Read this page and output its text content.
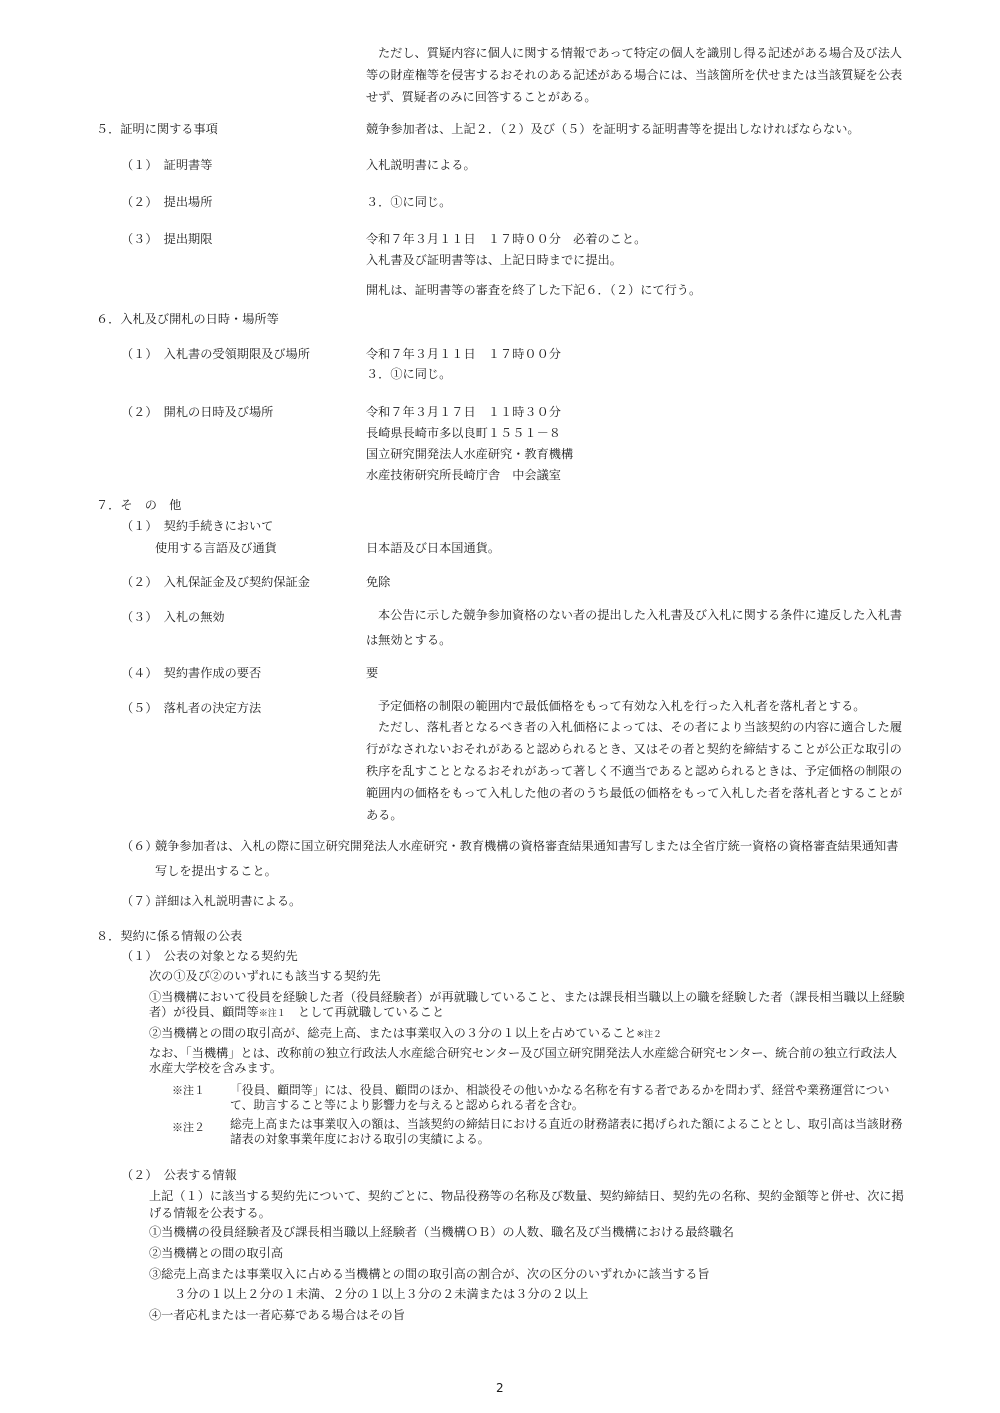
ただし、質疑内容に個人に関する情報であって特定の個人を識別し得る記述がある場合及び法人等の財産権等を侵害するおそれのある記述がある場合には、当該箇所を伏せまたは当該質疑を公表せず、質疑者のみに回答することがある。
５．証明に関する事項	競争参加者は、上記２．（２）及び（５）を証明する証明書等を提出しなければならない。
（１）　証明書等	入札説明書による。
（２）　提出場所	３．①に同じ。
（３）　提出期限	令和７年３月１１日　１７時００分　必着のこと。
入札書及び証明書等は、上記日時までに提出。
開札は、証明書等の審査を終了した下記６．（２）にて行う。
６．入札及び開札の日時・場所等
（１）　入札書の受領期限及び場所	令和７年３月１１日　１７時００分
３．①に同じ。
（２）　開札の日時及び場所	令和７年３月１７日　１１時３０分
長崎県長崎市多以良町１５５１－８
国立研究開発法人水産研究・教育機構
水産技術研究所長崎庁舎　中会議室
７．そ　の　他
（１）　契約手続きにおいて
使用する言語及び通貨	日本語及び日本国通貨。
（２）　入札保証金及び契約保証金	免除
（３）　入札の無効	本公告に示した競争参加資格のない者の提出した入札書及び入札に関する条件に違反した入札書は無効とする。
（４）　契約書作成の要否	要
（５）　落札者の決定方法	予定価格の制限の範囲内で最低価格をもって有効な入札を行った入札者を落札者とする。
ただし、落札者となるべき者の入札価格によっては、その者により当該契約の内容に適合した履行がなされないおそれがあると認められるとき、又はその者と契約を締結することが公正な取引の秩序を乱すこととなるおそれがあって著しく不適当であると認められるときは、予定価格の制限の範囲内の価格をもって入札した他の者のうち最低の価格をもって入札した者を落札者とすることがある。
（６）
競争参加者は、入札の際に国立研究開発法人水産研究・教育機構の資格審査結果通知書写しまたは全省庁統一資格の資格審査結果通知書写しを提出すること。
（７）
詳細は入札説明書による。
８．契約に係る情報の公表
（１）　公表の対象となる契約先
次の①及び②のいずれにも該当する契約先
①当機構において役員を経験した者（役員経験者）が再就職していること、または課長相当職以上の職を経験した者（課長相当職以上経験者）が役員、顧問等※注１　として再就職していること
②当機構との間の取引高が、総売上高、または事業収入の３分の１以上を占めていること※注２
なお、「当機構」とは、改称前の独立行政法人水産総合研究センター及び国立研究開発法人水産総合研究センター、統合前の独立行政法人水産大学校を含みます。
※注１ 「役員、顧問等」には、役員、顧問のほか、相談役その他いかなる名称を有する者であるかを問わず、経営や業務運営について、助言すること等により影響力を与えると認められる者を含む。
※注２ 総売上高または事業収入の額は、当該契約の締結日における直近の財務諸表に掲げられた額によることとし、取引高は当該財務諸表の対象事業年度における取引の実績による。
（２）　公表する情報
上記（１）に該当する契約先について、契約ごとに、物品役務等の名称及び数量、契約締結日、契約先の名称、契約金額等と併せ、次に掲げる情報を公表する。
①当機構の役員経験者及び課長相当職以上経験者（当機構ＯＢ）の人数、職名及び当機構における最終職名
②当機構との間の取引高
③総売上高または事業収入に占める当機構との間の取引高の割合が、次の区分のいずれかに該当する旨
３分の１以上２分の１未満、２分の１以上３分の２未満または３分の２以上
④一者応札または一者応募である場合はその旨
2
